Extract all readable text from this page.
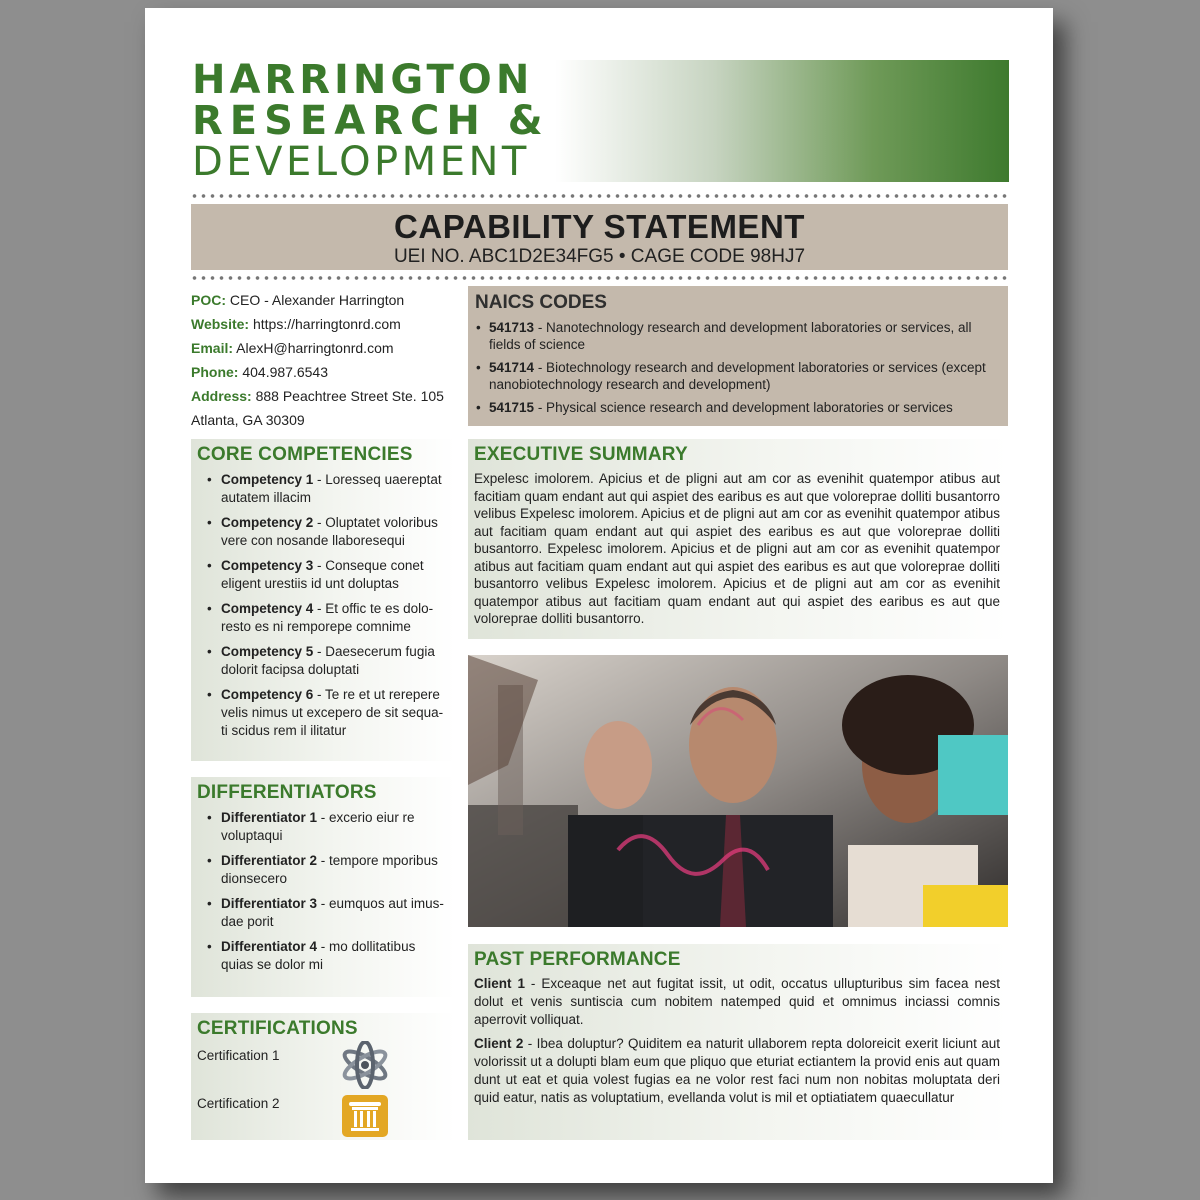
HARRINGTON
RESEARCH &
DEVELOPMENT
CAPABILITY STATEMENT
UEI NO. ABC1D2E34FG5 • CAGE CODE 98HJ7
POC: CEO - Alexander Harrington
Website: https://harringtonrd.com
Email: AlexH@harringtonrd.com
Phone: 404.987.6543
Address: 888 Peachtree Street Ste. 105
Atlanta, GA 30309
NAICS CODES
• 541713 - Nanotechnology research and development laboratories or services, all fields of science
• 541714 - Biotechnology research and development laboratories or services (except nanobiotechnology research and development)
• 541715 - Physical science research and development laboratories or services
CORE COMPETENCIES
• Competency 1 - Loresseq uaereptat autatem illacim
• Competency 2 - Oluptatet voloribus vere con nosande llaboresequi
• Competency 3 - Conseque conet eligent urestiis id unt doluptas
• Competency 4 - Et offic te es dolo-resto es ni remporepe comnime
• Competency 5 - Daesecerum fugia dolorit facipsa doluptati
• Competency 6 - Te re et ut rerepere velis nimus ut excepero de sit sequa-ti scidus rem il ilitatur
DIFFERENTIATORS
• Differentiator 1 - excerio eiur re voluptaqui
• Differentiator 2 - tempore mporibus dionsecero
• Differentiator 3 - eumquos aut imus-dae porit
• Differentiator 4 - mo dollitatibus quias se dolor mi
CERTIFICATIONS
Certification 1
Certification 2
EXECUTIVE SUMMARY

Expelesc imolorem. Apicius et de pligni aut am cor as evenihit quatempor atibus aut facitiam quam endant aut qui aspiet des earibus es aut que voloreprae dolliti busantorro velibus Expelesc imolorem. Apicius et de pligni aut am cor as evenihit quatempor atibus aut facitiam quam endant aut qui aspiet des earibus es aut que voloreprae dolliti busantorro. Expelesc imolorem. Apicius et de pligni aut am cor as evenihit quatempor atibus aut facitiam quam endant aut qui aspiet des earibus es aut que voloreprae dolliti busantorro velibus Expelesc imolorem. Apicius et de pligni aut am cor as evenihit quatempor atibus aut facitiam quam endant aut qui aspiet des earibus es aut que voloreprae dolliti busantorro.

PAST PERFORMANCE

Client 1 - Exceaque net aut fugitat issit, ut odit, occatus ullupturibus sim facea nest dolut et venis suntiscia cum nobitem natemped quid et omnimus inciassi comnis aperrovit volliquat.

Client 2 - Ibea doluptur? Quiditem ea naturit ullaborem repta doloreicit exerit liciunt aut volorissit ut a dolupti blam eum que pliquo que eturiat ectiantem la provid enis aut quam dunt ut eat et quia volest fugias ea ne volor rest faci num non nobitas moluptata deri quid eatur, natis as voluptatium, evellanda volut is mil et optiatiatem quaecullatur
